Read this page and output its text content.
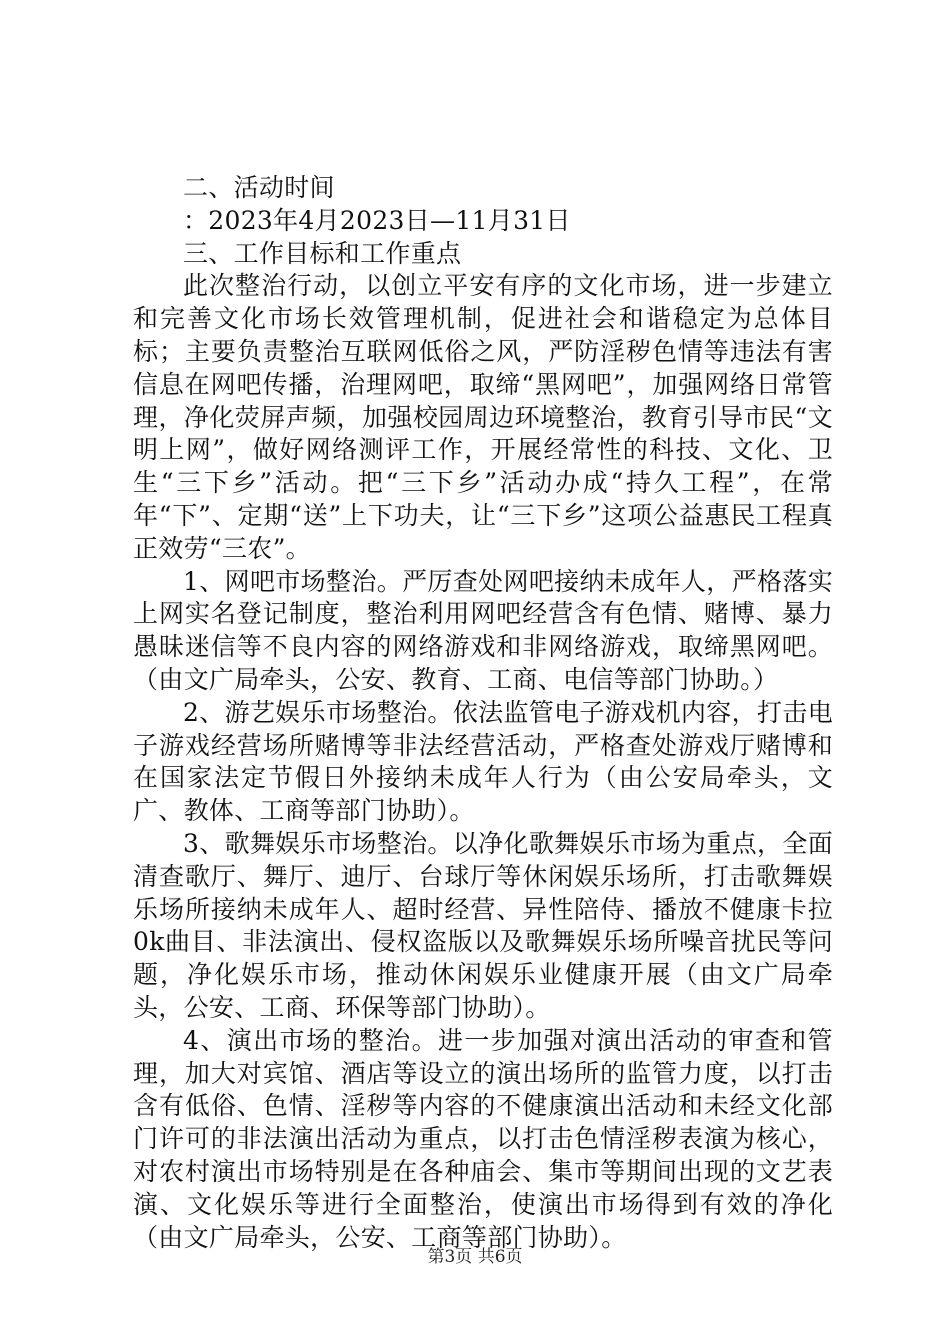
二、活动时间

：2023年4月2023日—11月31日

三、工作目标和工作重点

此次整治行动，以创立平安有序的文化市场，进一步建立和完善文化市场长效管理机制，促进社会和谐稳定为总体目标；主要负责整治互联网低俗之风，严防淫秽色情等违法有害信息在网吧传播，治理网吧，取缔“黑网吧”，加强网络日常管理，净化荧屏声频，加强校园周边环境整治，教育引导市民“文明上网”，做好网络测评工作，开展经常性的科技、文化、卫生“三下乡”活动。把“三下乡”活动办成“持久工程”，在常年“下”、定期“送”上下功夫，让“三下乡”这项公益惠民工程真正效劳“三农”。

1、网吧市场整治。严厉查处网吧接纳未成年人，严格落实上网实名登记制度，整治利用网吧经营含有色情、赌博、暴力愚昧迷信等不良内容的网络游戏和非网络游戏，取缔黑网吧。（由文广局牵头，公安、教育、工商、电信等部门协助。）

2、游艺娱乐市场整治。依法监管电子游戏机内容，打击电子游戏经营场所赌博等非法经营活动，严格查处游戏厅赌博和在国家法定节假日外接纳未成年人行为（由公安局牵头，文广、教体、工商等部门协助）。

3、歌舞娱乐市场整治。以净化歌舞娱乐市场为重点，全面清查歌厅、舞厅、迪厅、台球厅等休闲娱乐场所，打击歌舞娱乐场所接纳未成年人、超时经营、异性陪侍、播放不健康卡拉0k曲目、非法演出、侵权盗版以及歌舞娱乐场所噪音扰民等问题，净化娱乐市场，推动休闲娱乐业健康开展（由文广局牵头，公安、工商、环保等部门协助）。

4、演出市场的整治。进一步加强对演出活动的审查和管理，加大对宾馆、酒店等设立的演出场所的监管力度，以打击含有低俗、色情、淫秽等内容的不健康演出活动和未经文化部门许可的非法演出活动为重点，以打击色情淫秽表演为核心，对农村演出市场特别是在各种庙会、集市等期间出现的文艺表演、文化娱乐等进行全面整治，使演出市场得到有效的净化（由文广局牵头，公安、工商等部门协助）。

第3页 共6页
